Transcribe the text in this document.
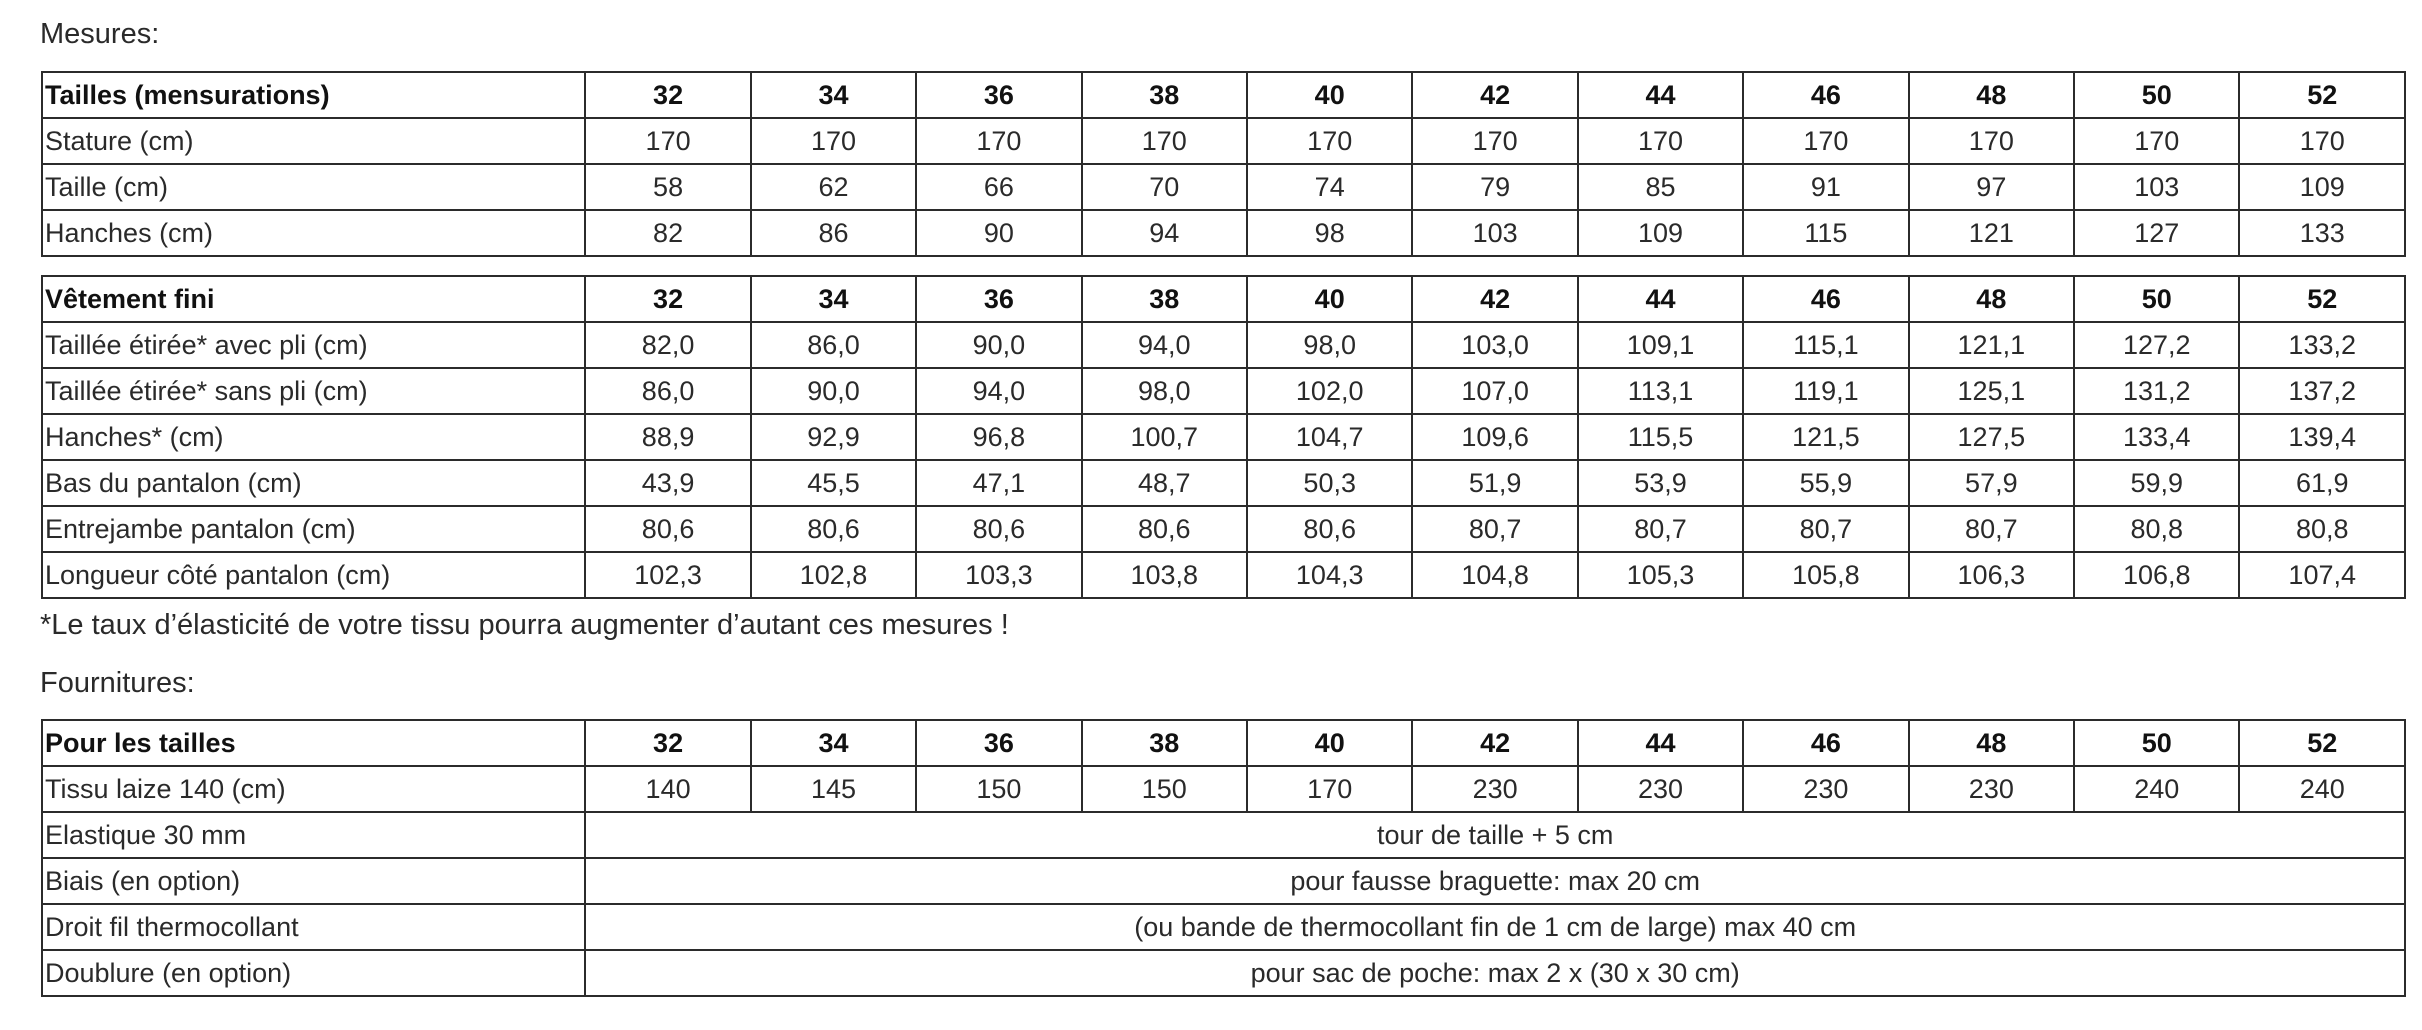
Mesures:
Tailles (mensurations)	32	34	36	38	40	42	44	46	48	50	52
Stature (cm)	170	170	170	170	170	170	170	170	170	170	170
Taille (cm)	58	62	66	70	74	79	85	91	97	103	109
Hanches (cm)	82	86	90	94	98	103	109	115	121	127	133
Vêtement fini	32	34	36	38	40	42	44	46	48	50	52
Taillée étirée* avec pli (cm)	82,0	86,0	90,0	94,0	98,0	103,0	109,1	115,1	121,1	127,2	133,2
Taillée étirée* sans pli (cm)	86,0	90,0	94,0	98,0	102,0	107,0	113,1	119,1	125,1	131,2	137,2
Hanches* (cm)	88,9	92,9	96,8	100,7	104,7	109,6	115,5	121,5	127,5	133,4	139,4
Bas du pantalon (cm)	43,9	45,5	47,1	48,7	50,3	51,9	53,9	55,9	57,9	59,9	61,9
Entrejambe pantalon (cm)	80,6	80,6	80,6	80,6	80,6	80,7	80,7	80,7	80,7	80,8	80,8
Longueur côté pantalon (cm)	102,3	102,8	103,3	103,8	104,3	104,8	105,3	105,8	106,3	106,8	107,4
*Le taux d’élasticité de votre tissu pourra augmenter d’autant ces mesures !
Fournitures:
Pour les tailles	32	34	36	38	40	42	44	46	48	50	52
Tissu laize 140 (cm)	140	145	150	150	170	230	230	230	230	240	240
Elastique 30 mm	tour de taille + 5 cm										
Biais (en option)	pour fausse braguette: max 20 cm										
Droit fil thermocollant	(ou bande de thermocollant fin de 1 cm de large) max 40 cm										
Doublure (en option)	pour sac de poche: max 2 x (30 x 30 cm)										
